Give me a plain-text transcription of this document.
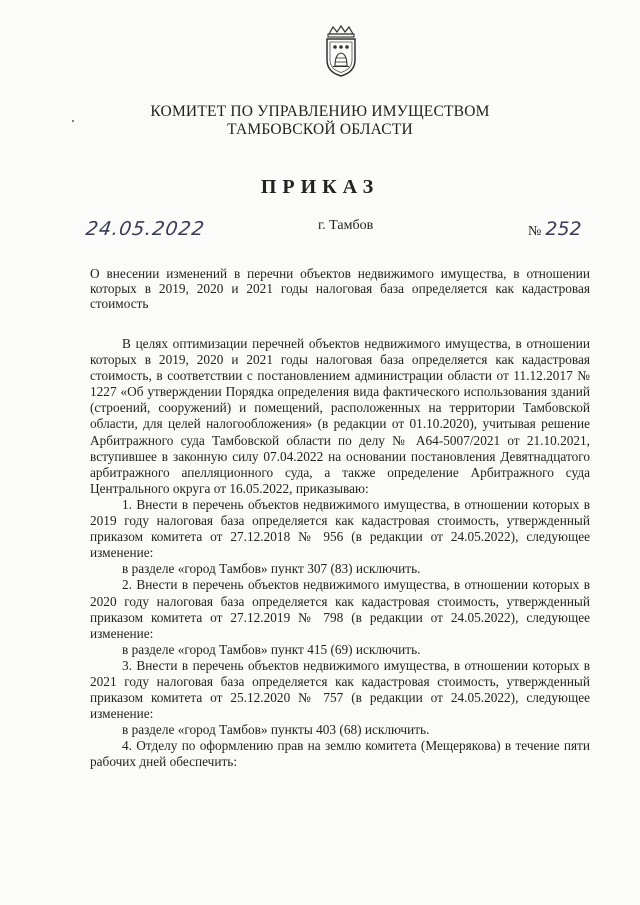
КОМИТЕТ ПО УПРАВЛЕНИЮ ИМУЩЕСТВОМ
ТАМБОВСКОЙ ОБЛАСТИ
ПРИКАЗ
24.05.2022	г. Тамбов	№ 252
О внесении изменений в перечни объектов недвижимого имущества, в отношении которых в 2019, 2020 и 2021 годы налоговая база определяется как кадастровая стоимость

В целях оптимизации перечней объектов недвижимого имущества, в отношении которых в 2019, 2020 и 2021 годы налоговая база определяется как кадастровая стоимость, в соответствии с постановлением администрации области от 11.12.2017 № 1227 «Об утверждении Порядка определения вида фактического использования зданий (строений, сооружений) и помещений, расположенных на территории Тамбовской области, для целей налогообложения» (в редакции от 01.10.2020), учитывая решение Арбитражного суда Тамбовской области по делу № А64-5007/2021 от 21.10.2021, вступившее в законную силу 07.04.2022 на основании постановления Девятнадцатого арбитражного апелляционного суда, а также определение Арбитражного суда Центрального округа от 16.05.2022, приказываю:

1. Внести в перечень объектов недвижимого имущества, в отношении которых в 2019 году налоговая база определяется как кадастровая стоимость, утвержденный приказом комитета от 27.12.2018 № 956 (в редакции от 24.05.2022), следующее изменение:

в разделе «город Тамбов» пункт 307 (83) исключить.

2. Внести в перечень объектов недвижимого имущества, в отношении которых в 2020 году налоговая база определяется как кадастровая стоимость, утвержденный приказом комитета от 27.12.2019 № 798 (в редакции от 24.05.2022), следующее изменение:

в разделе «город Тамбов» пункт 415 (69) исключить.

3. Внести в перечень объектов недвижимого имущества, в отношении которых в 2021 году налоговая база определяется как кадастровая стоимость, утвержденный приказом комитета от 25.12.2020 № 757 (в редакции от 24.05.2022), следующее изменение:

в разделе «город Тамбов» пункты 403 (68) исключить.

4. Отделу по оформлению прав на землю комитета (Мещерякова) в течение пяти рабочих дней обеспечить:
